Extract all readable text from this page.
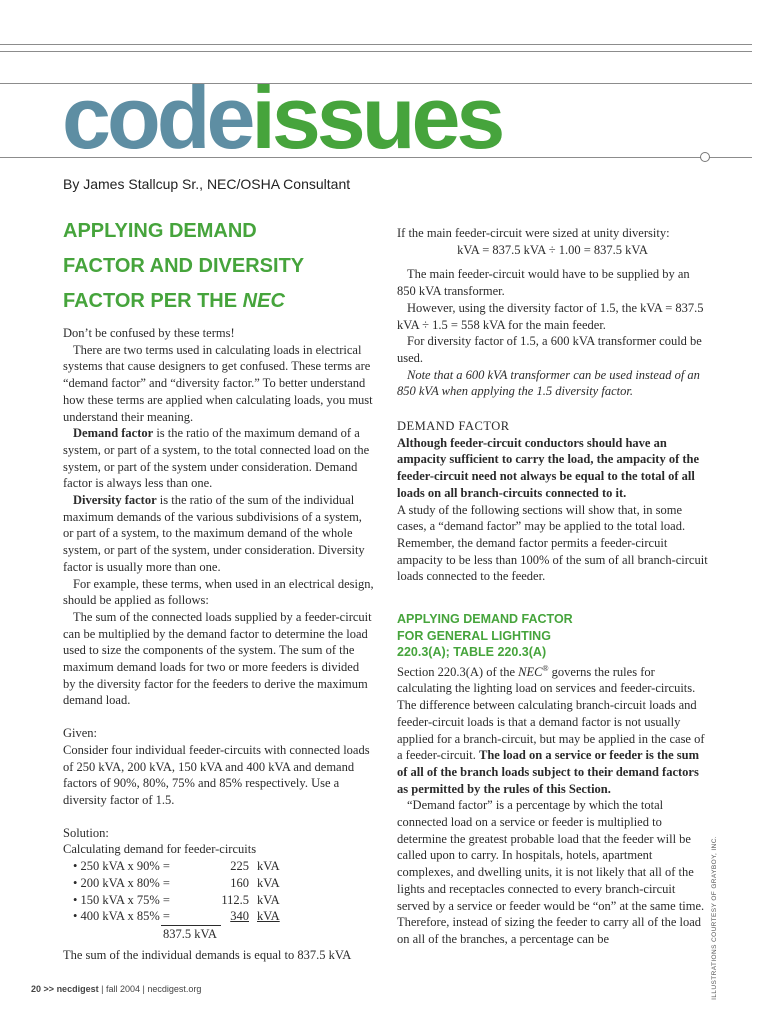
codeissues
By James Stallcup Sr., NEC/OSHA Consultant
APPLYING DEMAND
FACTOR AND DIVERSITY
FACTOR PER THE NEC

Don’t be confused by these terms!

There are two terms used in calculating loads in electrical systems that cause designers to get confused. These terms are “demand factor” and “diversity factor.” To better understand how these terms are applied when calculating loads, you must understand their meaning.

Demand factor is the ratio of the maximum demand of a system, or part of a system, to the total connected load on the system, or part of the system under consideration. Demand factor is always less than one.

Diversity factor is the ratio of the sum of the individual maximum demands of the various subdivisions of a system, or part of a system, to the maximum demand of the whole system, or part of the system, under consideration. Diversity factor is usually more than one.

For example, these terms, when used in an electrical design, should be applied as follows:

The sum of the connected loads supplied by a feeder-circuit can be multiplied by the demand factor to determine the load used to size the components of the system. The sum of the maximum demand loads for two or more feeders is divided by the diversity factor for the feeders to derive the maximum demand load.

Given:

Consider four individual feeder-circuits with connected loads of 250 kVA, 200 kVA, 150 kVA and 400 kVA and demand factors of 90%, 80%, 75% and 85% respectively. Use a diversity factor of 1.5.

Solution:

Calculating demand for feeder-circuits

• 250 kVA x 90% =	225 kVA
• 200 kVA x 80% =	160 kVA
• 150 kVA x 75% =	112.5 kVA
• 400 kVA x 85% =	340 kVA
837.5 kVA

The sum of the individual demands is equal to 837.5 kVA

If the main feeder-circuit were sized at unity diversity:

kVA = 837.5 kVA ÷ 1.00 = 837.5 kVA

The main feeder-circuit would have to be supplied by an 850 kVA transformer.

However, using the diversity factor of 1.5, the kVA = 837.5 kVA ÷ 1.5 = 558 kVA for the main feeder.

For diversity factor of 1.5, a 600 kVA transformer could be used.

Note that a 600 kVA transformer can be used instead of an 850 kVA when applying the 1.5 diversity factor.

DEMAND FACTOR

Although feeder-circuit conductors should have an ampacity sufficient to carry the load, the ampacity of the feeder-circuit need not always be equal to the total of all loads on all branch-circuits connected to it.

A study of the following sections will show that, in some cases, a “demand factor” may be applied to the total load. Remember, the demand factor permits a feeder-circuit ampacity to be less than 100% of the sum of all branch-circuit loads connected to the feeder.

APPLYING DEMAND FACTOR
FOR GENERAL LIGHTING
220.3(A); TABLE 220.3(A)

Section 220.3(A) of the NEC® governs the rules for calculating the lighting load on services and feeder-circuits. The difference between calculating branch-circuit loads and feeder-circuit loads is that a demand factor is not usually applied for a branch-circuit, but may be applied in the case of a feeder-circuit. The load on a service or feeder is the sum of all of the branch loads subject to their demand factors as permitted by the rules of this Section.

“Demand factor” is a percentage by which the total connected load on a service or feeder is multiplied to determine the greatest probable load that the feeder will be called upon to carry. In hospitals, hotels, apartment complexes, and dwelling units, it is not likely that all of the lights and receptacles connected to every branch-circuit served by a service or feeder would be “on” at the same time. Therefore, instead of sizing the feeder to carry all of the load on all of the branches, a percentage can be	ILLUSTRATIONS COURTESY OF GRAYBOY, INC.
20 >> necdigest | fall 2004 | necdigest.org
